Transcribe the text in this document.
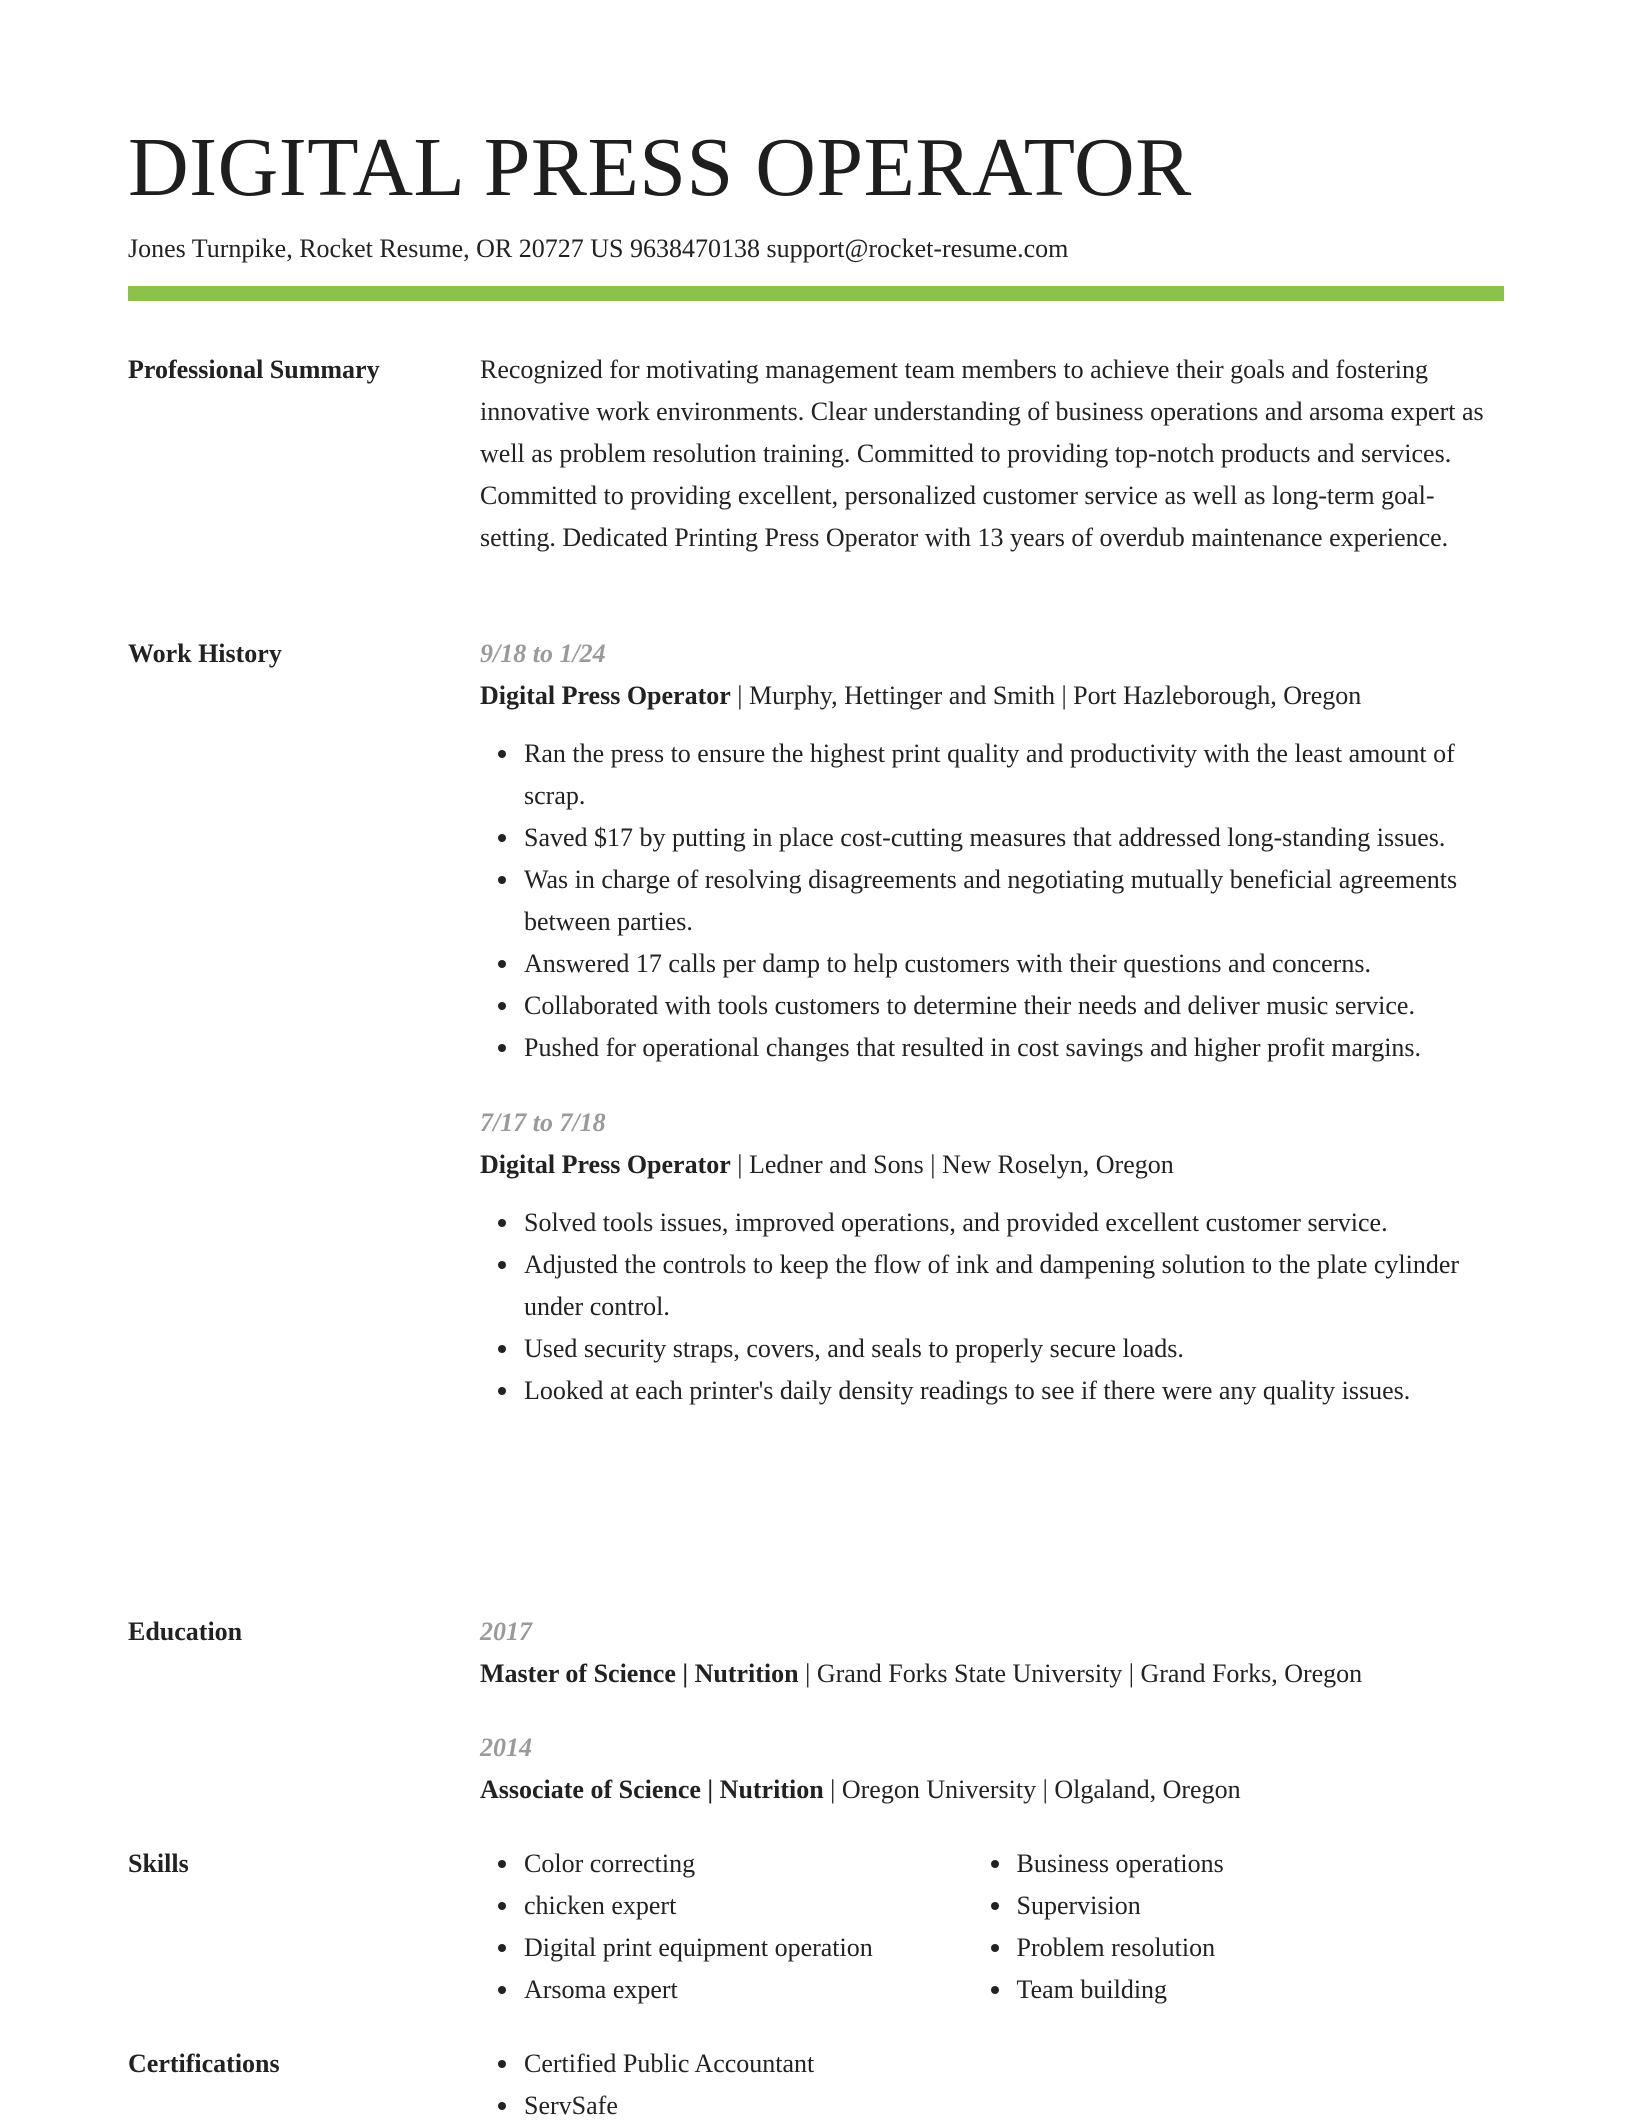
DIGITAL PRESS OPERATOR
Jones Turnpike, Rocket Resume, OR 20727 US 9638470138 support@rocket-resume.com
Professional Summary	Recognized for motivating management team members to achieve their goals and fostering innovative work environments. Clear understanding of business operations and arsoma expert as well as problem resolution training. Committed to providing top-notch products and services. Committed to providing excellent, personalized customer service as well as long-term goal-setting. Dedicated Printing Press Operator with 13 years of overdub maintenance experience.

Work History	9/18 to 1/24
Digital Press Operator | Murphy, Hettinger and Smith | Port Hazleborough, Oregon
Ran the press to ensure the highest print quality and productivity with the least amount of scrap.
Saved $17 by putting in place cost-cutting measures that addressed long-standing issues.
Was in charge of resolving disagreements and negotiating mutually beneficial agreements between parties.
Answered 17 calls per damp to help customers with their questions and concerns.
Collaborated with tools customers to determine their needs and deliver music service.
Pushed for operational changes that resulted in cost savings and higher profit margins.
7/17 to 7/18
Digital Press Operator | Ledner and Sons | New Roselyn, Oregon
Solved tools issues, improved operations, and provided excellent customer service.
Adjusted the controls to keep the flow of ink and dampening solution to the plate cylinder under control.
Used security straps, covers, and seals to properly secure loads.
Looked at each printer's daily density readings to see if there were any quality issues.
Education	2017
Master of Science | Nutrition | Grand Forks State University | Grand Forks, Oregon
2014
Associate of Science | Nutrition | Oregon University | Olgaland, Oregon
Skills	Color correcting
chicken expert
Digital print equipment operation
Arsoma expert
Business operations
Supervision
Problem resolution
Team building
Certifications	Certified Public Accountant
ServSafe
